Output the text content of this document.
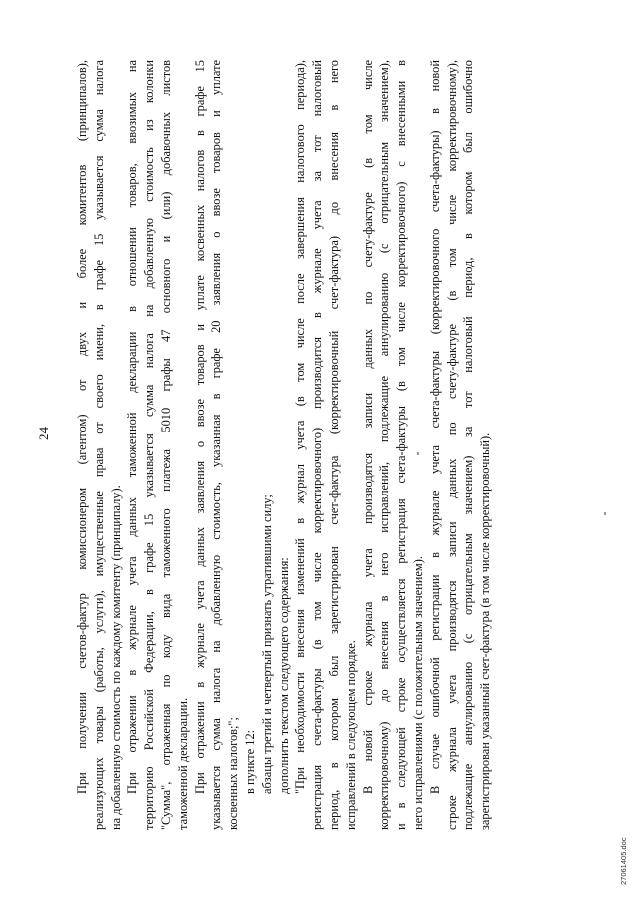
24 При получении счетов-фактур комиссионером (агентом) от двух и более комитентов (принципалов), реализующих товары (работы, услуги), имущественные права от своего имени, в графе 15 указывается сумма налога на добавленную стоимость по каждому комитенту (принципалу). При отражении в журнале учета данных таможенной декларации в отношении товаров, ввозимых на территорию Российской Федерации, в графе 15 указывается сумма налога на добавленную стоимость из колонки "Сумма", отраженная по коду вида таможенного платежа 5010 графы 47 основного и (или) добавочных листов таможенной декларации. При отражении в журнале учета данных заявления о ввозе товаров и уплате косвенных налогов в графе 15 указывается сумма налога на добавленную стоимость, указанная в графе 20 заявления о ввозе товаров и уплате косвенных налогов;"; в пункте 12: абзацы третий и четвертый признать утратившими силу; дополнить текстом следующего содержания: "При необходимости внесения изменений в журнал учета (в том числе после завершения налогового периода), регистрация счета-фактуры (в том числе корректировочного) производится в журнале учета за тот налоговый период, в котором был зарегистрирован счет-фактура (корректировочный счет-фактура) до внесения в него исправлений в следующем порядке. В новой строке журнала учета производятся записи данных по счету-фактуре (в том числе корректировочному) до внесения в него исправлений, подлежащие аннулированию (с отрицательным значением), и в следующей строке осуществляется регистрация счета-фактуры (в том числе корректировочного) с внесенными в него исправлениями (с положительным значением). В случае ошибочной регистрации в журнале учета счета-фактуры (корректировочного счета-фактуры) в новой строке журнала учета производятся записи данных по счету-фактуре (в том числе корректировочному), подлежащие аннулированию (с отрицательным значением) за тот налоговый период, в котором был ошибочно зарегистрирован указанный счет-фактура (в том числе корректировочный).
27061405.doc
